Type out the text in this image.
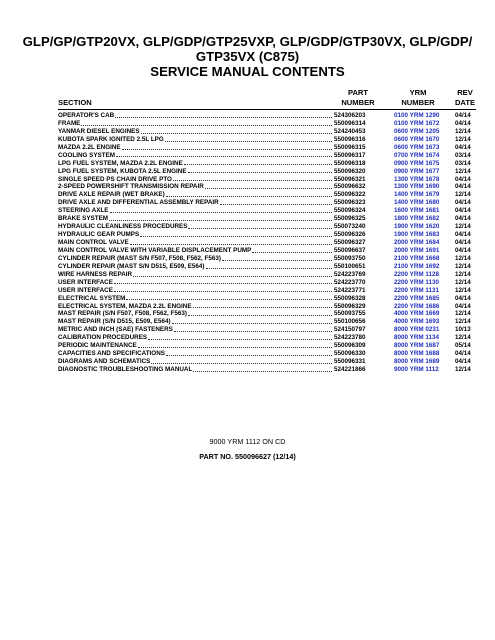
GLP/GP/GTP20VX, GLP/GDP/GTP25VXP, GLP/GDP/GTP30VX, GLP/GDP/
GTP35VX (C875)
SERVICE MANUAL CONTENTS
SECTION
PART
NUMBER
YRM
NUMBER
REV
DATE
OPERATOR'S CAB	524306203	0100 YRM 1290	04/14
FRAME	550096314	0100 YRM 1672	04/14
YANMAR DIESEL ENGINES	524240453	0600 YRM 1205	12/14
KUBOTA SPARK IGNITED 2.5L LPG	550096316	0600 YRM 1670	12/14
MAZDA 2.2L ENGINE	550096315	0600 YRM 1673	04/14
COOLING SYSTEM	550096317	0700 YRM 1674	03/14
LPG FUEL SYSTEM, MAZDA 2.2L ENGINE	550096318	0900 YRM 1675	03/14
LPG FUEL SYSTEM, KUBOTA 2.5L ENGINE	550096320	0900 YRM 1677	12/14
SINGLE SPEED PS CHAIN DRIVE PTO	550096321	1300 YRM 1678	04/14
2-SPEED POWERSHIFT TRANSMISSION REPAIR	550096632	1300 YRM 1690	04/14
DRIVE AXLE REPAIR (WET BRAKE)	550096322	1400 YRM 1679	12/14
DRIVE AXLE AND DIFFERENTIAL ASSEMBLY REPAIR	550096323	1400 YRM 1680	04/14
STEERING AXLE	550096324	1600 YRM 1681	04/14
BRAKE SYSTEM	550096325	1800 YRM 1682	04/14
HYDRAULIC CLEANLINESS PROCEDURES	550073240	1900 YRM 1620	12/14
HYDRAULIC GEAR PUMPS	550096326	1900 YRM 1683	04/14
MAIN CONTROL VALVE	550096327	2000 YRM 1684	04/14
MAIN CONTROL VALVE WITH VARIABLE DISPLACEMENT PUMP	550096637	2000 YRM 1691	04/14
CYLINDER REPAIR (MAST S/N F507, F508, F562, F563)	550093750	2100 YRM 1668	12/14
CYLINDER REPAIR (MAST S/N D515, E509, E564)	550100651	2100 YRM 1692	12/14
WIRE HARNESS REPAIR	524223769	2200 YRM 1128	12/14
USER INTERFACE	524223770	2200 YRM 1130	12/14
USER INTERFACE	524223771	2200 YRM 1131	12/14
ELECTRICAL SYSTEM	550096328	2200 YRM 1685	04/14
ELECTRICAL SYSTEM, MAZDA 2.2L ENGINE	550096329	2200 YRM 1686	04/14
MAST REPAIR (S/N F507, F508, F562, F563)	550093755	4000 YRM 1669	12/14
MAST REPAIR (S/N D515, E509, E564)	550100656	4000 YRM 1693	12/14
METRIC AND INCH (SAE) FASTENERS	524150797	8000 YRM 0231	10/13
CALIBRATION PROCEDURES	524223780	8000 YRM 1134	12/14
PERIODIC MAINTENANCE	550096309	8000 YRM 1687	05/14
CAPACITIES AND SPECIFICATIONS	550096330	8000 YRM 1688	04/14
DIAGRAMS AND SCHEMATICS	550096331	8000 YRM 1689	04/14
DIAGNOSTIC TROUBLESHOOTING MANUAL	524221866	9000 YRM 1112	12/14
9000 YRM 1112 ON CD
PART NO. 550096627 (12/14)
